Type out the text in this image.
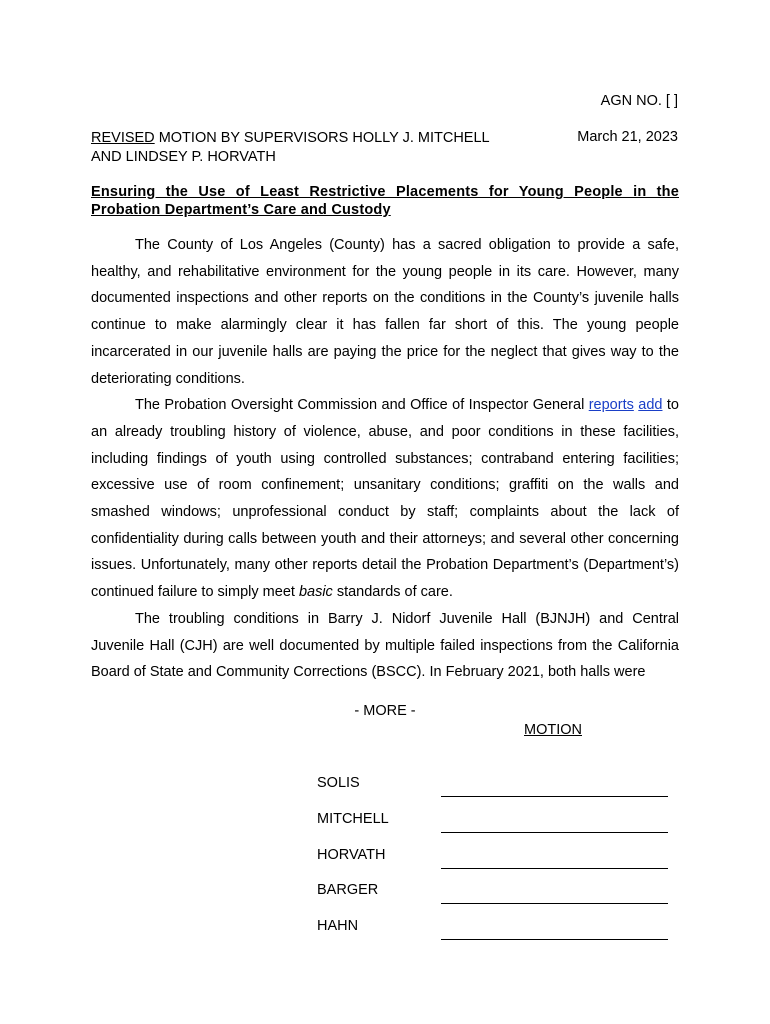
AGN NO. [ ]
REVISED MOTION BY SUPERVISORS HOLLY J. MITCHELL
AND LINDSEY P. HORVATH
March 21, 2023
Ensuring the Use of Least Restrictive Placements for Young People in the Probation Department’s Care and Custody

The County of Los Angeles (County) has a sacred obligation to provide a safe, healthy, and rehabilitative environment for the young people in its care. However, many documented inspections and other reports on the conditions in the County’s juvenile halls continue to make alarmingly clear it has fallen far short of this. The young people incarcerated in our juvenile halls are paying the price for the neglect that gives way to the deteriorating conditions.

The Probation Oversight Commission and Office of Inspector General reports add to an already troubling history of violence, abuse, and poor conditions in these facilities, including findings of youth using controlled substances; contraband entering facilities; excessive use of room confinement; unsanitary conditions; graffiti on the walls and smashed windows; unprofessional conduct by staff; complaints about the lack of confidentiality during calls between youth and their attorneys; and several other concerning issues. Unfortunately, many other reports detail the Probation Department’s (Department’s) continued failure to simply meet basic standards of care.

The troubling conditions in Barry J. Nidorf Juvenile Hall (BJNJH) and Central Juvenile Hall (CJH) are well documented by multiple failed inspections from the California Board of State and Community Corrections (BSCC). In February 2021, both halls were

- MORE -
MOTION
SOLIS
MITCHELL
HORVATH
BARGER
HAHN
